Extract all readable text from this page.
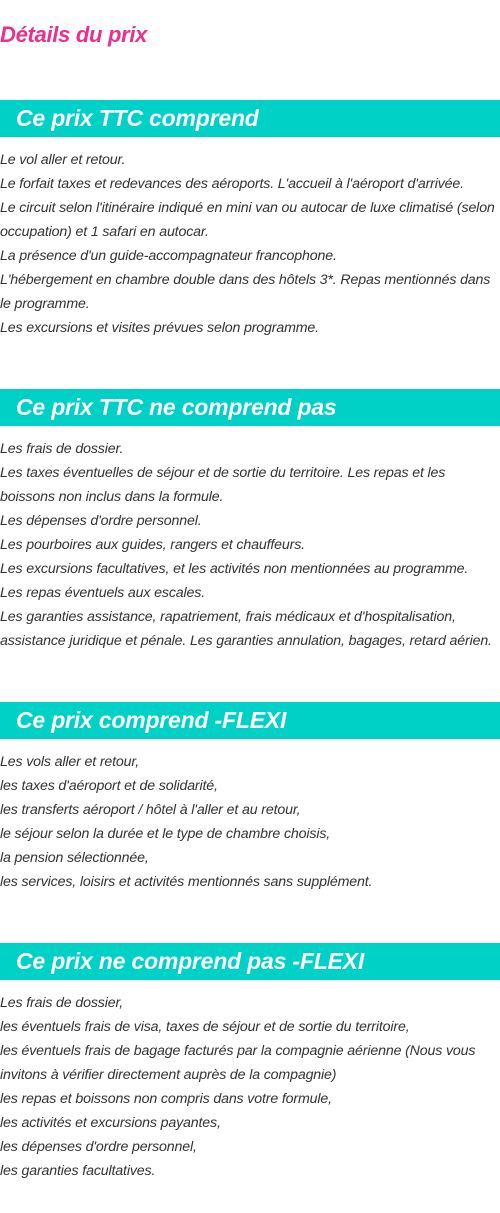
Détails du prix
Ce prix TTC comprend
Le vol aller et retour.
Le forfait taxes et redevances des aéroports. L'accueil à l'aéroport d'arrivée.
Le circuit selon l'itinéraire indiqué en mini van ou autocar de luxe climatisé (selon occupation) et 1 safari en autocar.
La présence d'un guide-accompagnateur francophone.
L'hébergement en chambre double dans des hôtels 3*. Repas mentionnés dans le programme.
Les excursions et visites prévues selon programme.
Ce prix TTC ne comprend pas
Les frais de dossier.
Les taxes éventuelles de séjour et de sortie du territoire. Les repas et les boissons non inclus dans la formule.
Les dépenses d'ordre personnel.
Les pourboires aux guides, rangers et chauffeurs.
Les excursions facultatives, et les activités non mentionnées au programme.
Les repas éventuels aux escales.
Les garanties assistance, rapatriement, frais médicaux et d'hospitalisation, assistance juridique et pénale. Les garanties annulation, bagages, retard aérien.
Ce prix comprend -FLEXI
Les vols aller et retour,
les taxes d'aéroport et de solidarité,
les transferts aéroport / hôtel à l'aller et au retour,
le séjour selon la durée et le type de chambre choisis,
la pension sélectionnée,
les services, loisirs et activités mentionnés sans supplément.
Ce prix ne comprend pas -FLEXI
Les frais de dossier,
les éventuels frais de visa, taxes de séjour et de sortie du territoire,
les éventuels frais de bagage facturés par la compagnie aérienne (Nous vous invitons à vérifier directement auprès de la compagnie)
les repas et boissons non compris dans votre formule,
les activités et excursions payantes,
les dépenses d'ordre personnel,
les garanties facultatives.
